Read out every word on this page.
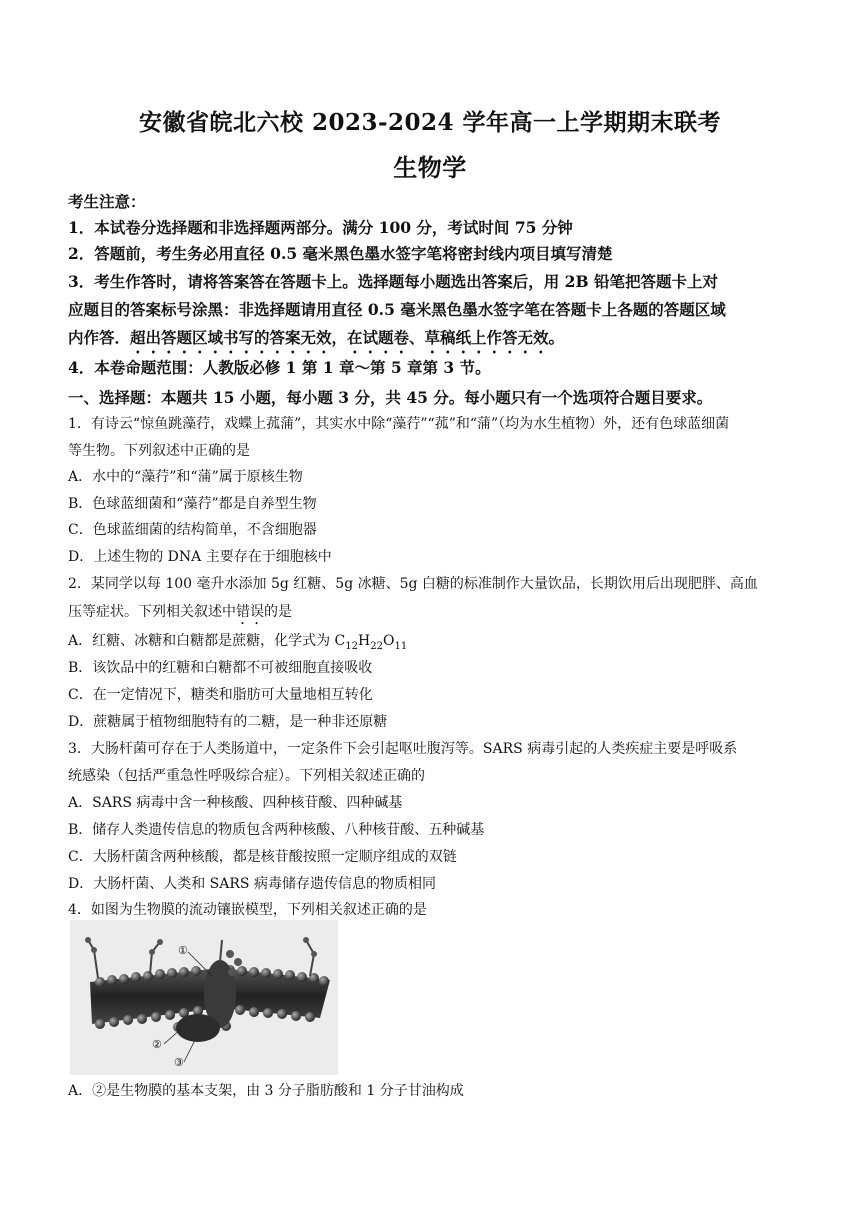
安徽省皖北六校 2023-2024 学年高一上学期期末联考
生物学
考生注意：
1．本试卷分选择题和非选择题两部分。满分 100 分，考试时间 75 分钟
2．答题前，考生务必用直径 0.5 毫米黑色墨水签字笔将密封线内项目填写清楚
3．考生作答时，请将答案答在答题卡上。选择题每小题选出答案后，用 2B 铅笔把答题卡上对
应题目的答案标号涂黑：非选择题请用直径 0.5 毫米黑色墨水签字笔在答题卡上各题的答题区域
内作答．超出答题区域书写的答案无效，在试题卷、草稿纸上作答无效。
4．本卷命题范围：人教版必修 1 第 1 章～第 5 章第 3 节。
一、选择题：本题共 15 小题，每小题 3 分，共 45 分。每小题只有一个选项符合题目要求。
1．有诗云“惊鱼跳藻荇，戏蝶上菰蒲”，其实水中除“藻荇”“菰”和“蒲”（均为水生植物）外，还有色球蓝细菌
等生物。下列叙述中正确的是
A．水中的“藻荇”和“蒲”属于原核生物
B．色球蓝细菌和“藻荇”都是自养型生物
C．色球蓝细菌的结构简单，不含细胞器
D．上述生物的 DNA 主要存在于细胞核中
2．某同学以每 100 毫升水添加 5g 红糖、5g 冰糖、5g 白糖的标准制作大量饮品，长期饮用后出现肥胖、高血
压等症状。下列相关叙述中错误的是
A．红糖、冰糖和白糖都是蔗糖，化学式为 $C_{12}H_{22}O_{11}$
B．该饮品中的红糖和白糖都不可被细胞直接吸收
C．在一定情况下，糖类和脂肪可大量地相互转化
D．蔗糖属于植物细胞特有的二糖，是一种非还原糖
3．大肠杆菌可存在于人类肠道中，一定条件下会引起呕吐腹泻等。SARS 病毒引起的人类疾症主要是呼吸系
统感染（包括严重急性呼吸综合症）。下列相关叙述正确的
A．SARS 病毒中含一种核酸、四种核苷酸、四种碱基
B．储存人类遗传信息的物质包含两种核酸、八种核苷酸、五种碱基
C．大肠杆菌含两种核酸，都是核苷酸按照一定顺序组成的双链
D．大肠杆菌、人类和 SARS 病毒储存遗传信息的物质相同
4．如图为生物膜的流动镶嵌模型，下列相关叙述正确的是
①
②
③
A．②是生物膜的基本支架，由 3 分子脂肪酸和 1 分子甘油构成
